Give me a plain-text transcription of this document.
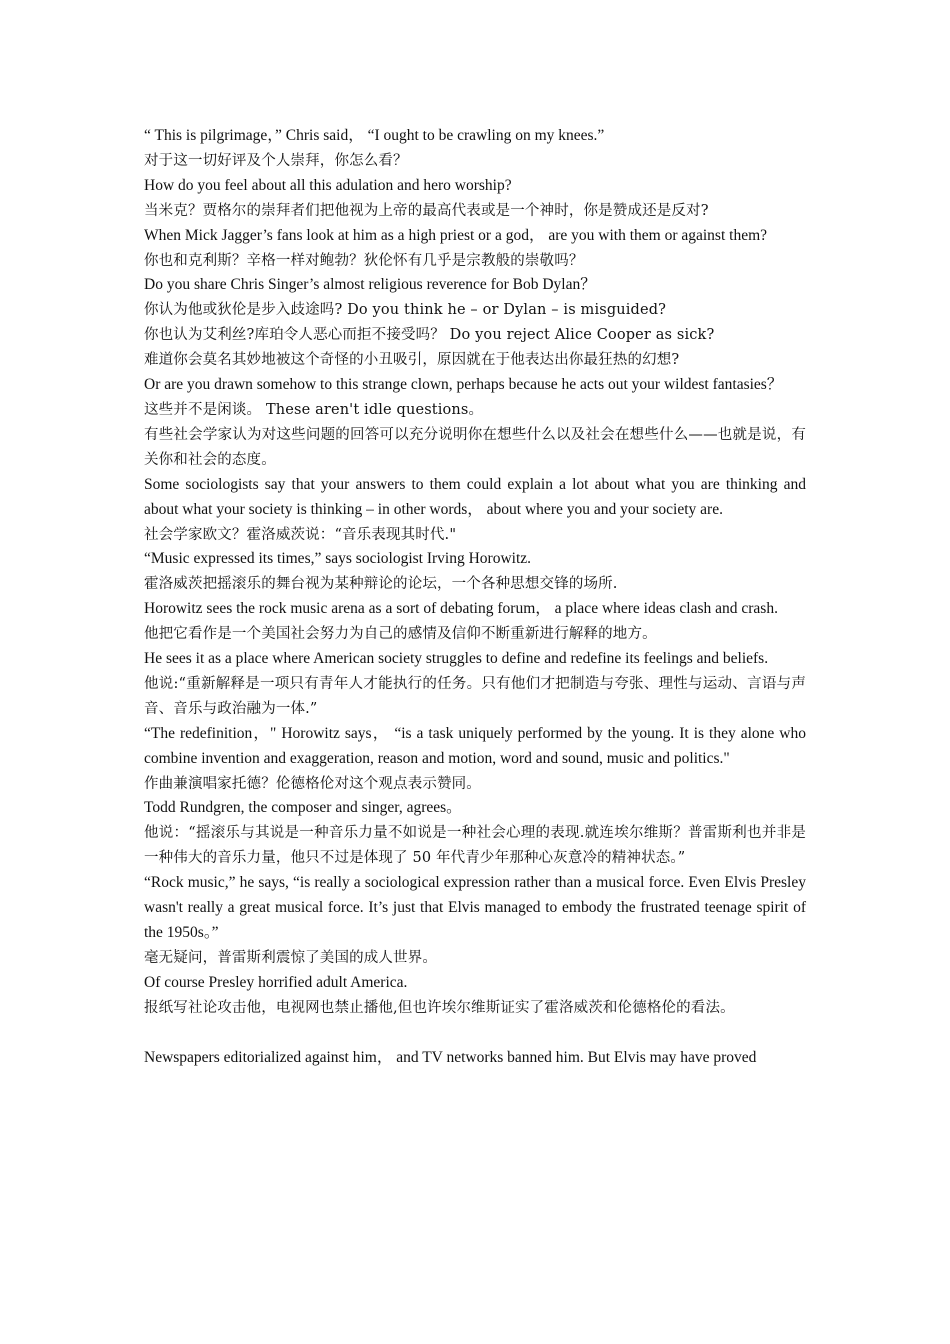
“ This is pilgrimage，” Chris said， “I ought to be crawling on my knees.”

对于这一切好评及个人崇拜，你怎么看？

How do you feel about all this adulation and hero worship?

当米克？贾格尔的崇拜者们把他视为上帝的最高代表或是一个神时，你是赞成还是反对?

When Mick Jagger’s fans look at him as a high priest or a god， are you with them or against them?

你也和克利斯？辛格一样对鲍勃？狄伦怀有几乎是宗教般的崇敬吗？

Do you share Chris Singer’s almost religious reverence for Bob Dylan？

你认为他或狄伦是步入歧途吗? Do you think he – or Dylan – is misguided?

你也认为艾利丝?库珀令人恶心而拒不接受吗？ Do you reject Alice Cooper as sick?

难道你会莫名其妙地被这个奇怪的小丑吸引，原因就在于他表达出你最狂热的幻想?

Or are you drawn somehow to this strange clown, perhaps because he acts out your wildest fantasies？

这些并不是闲谈。 These aren't idle questions。

有些社会学家认为对这些问题的回答可以充分说明你在想些什么以及社会在想些什么——也就是说，有关你和社会的态度。

Some sociologists say that your answers to them could explain a lot about what you are thinking and about what your society is thinking – in other words， about where you and your society are.

社会学家欧文？霍洛威茨说：“音乐表现其时代."

“Music expressed its times,” says sociologist Irving Horowitz.

霍洛威茨把摇滚乐的舞台视为某种辩论的论坛，一个各种思想交锋的场所.

Horowitz sees the rock music arena as a sort of debating forum， a place where ideas clash and crash.

他把它看作是一个美国社会努力为自己的感情及信仰不断重新进行解释的地方。

He sees it as a place where American society struggles to define and redefine its feelings and beliefs.

他说:“重新解释是一项只有青年人才能执行的任务。只有他们才把制造与夸张、理性与运动、言语与声音、音乐与政治融为一体.”

“The redefinition，" Horowitz says， “is a task uniquely performed by the young. It is they alone who combine invention and exaggeration, reason and motion, word and sound, music and politics."

作曲兼演唱家托德？伦德格伦对这个观点表示赞同。

Todd Rundgren, the composer and singer, agrees。

他说：“摇滚乐与其说是一种音乐力量不如说是一种社会心理的表现.就连埃尔维斯？普雷斯利也并非是一种伟大的音乐力量，他只不过是体现了 50 年代青少年那种心灰意冷的精神状态。”

“Rock music,” he says, “is really a sociological expression rather than a musical force. Even Elvis Presley wasn't really a great musical force. It’s just that Elvis managed to embody the frustrated teenage spirit of the 1950s。”

毫无疑问，普雷斯利震惊了美国的成人世界。

Of course Presley horrified adult America.

报纸写社论攻击他，电视网也禁止播他,但也许埃尔维斯证实了霍洛威茨和伦德格伦的看法。

Newspapers editorialized against him， and TV networks banned him. But Elvis may have proved
